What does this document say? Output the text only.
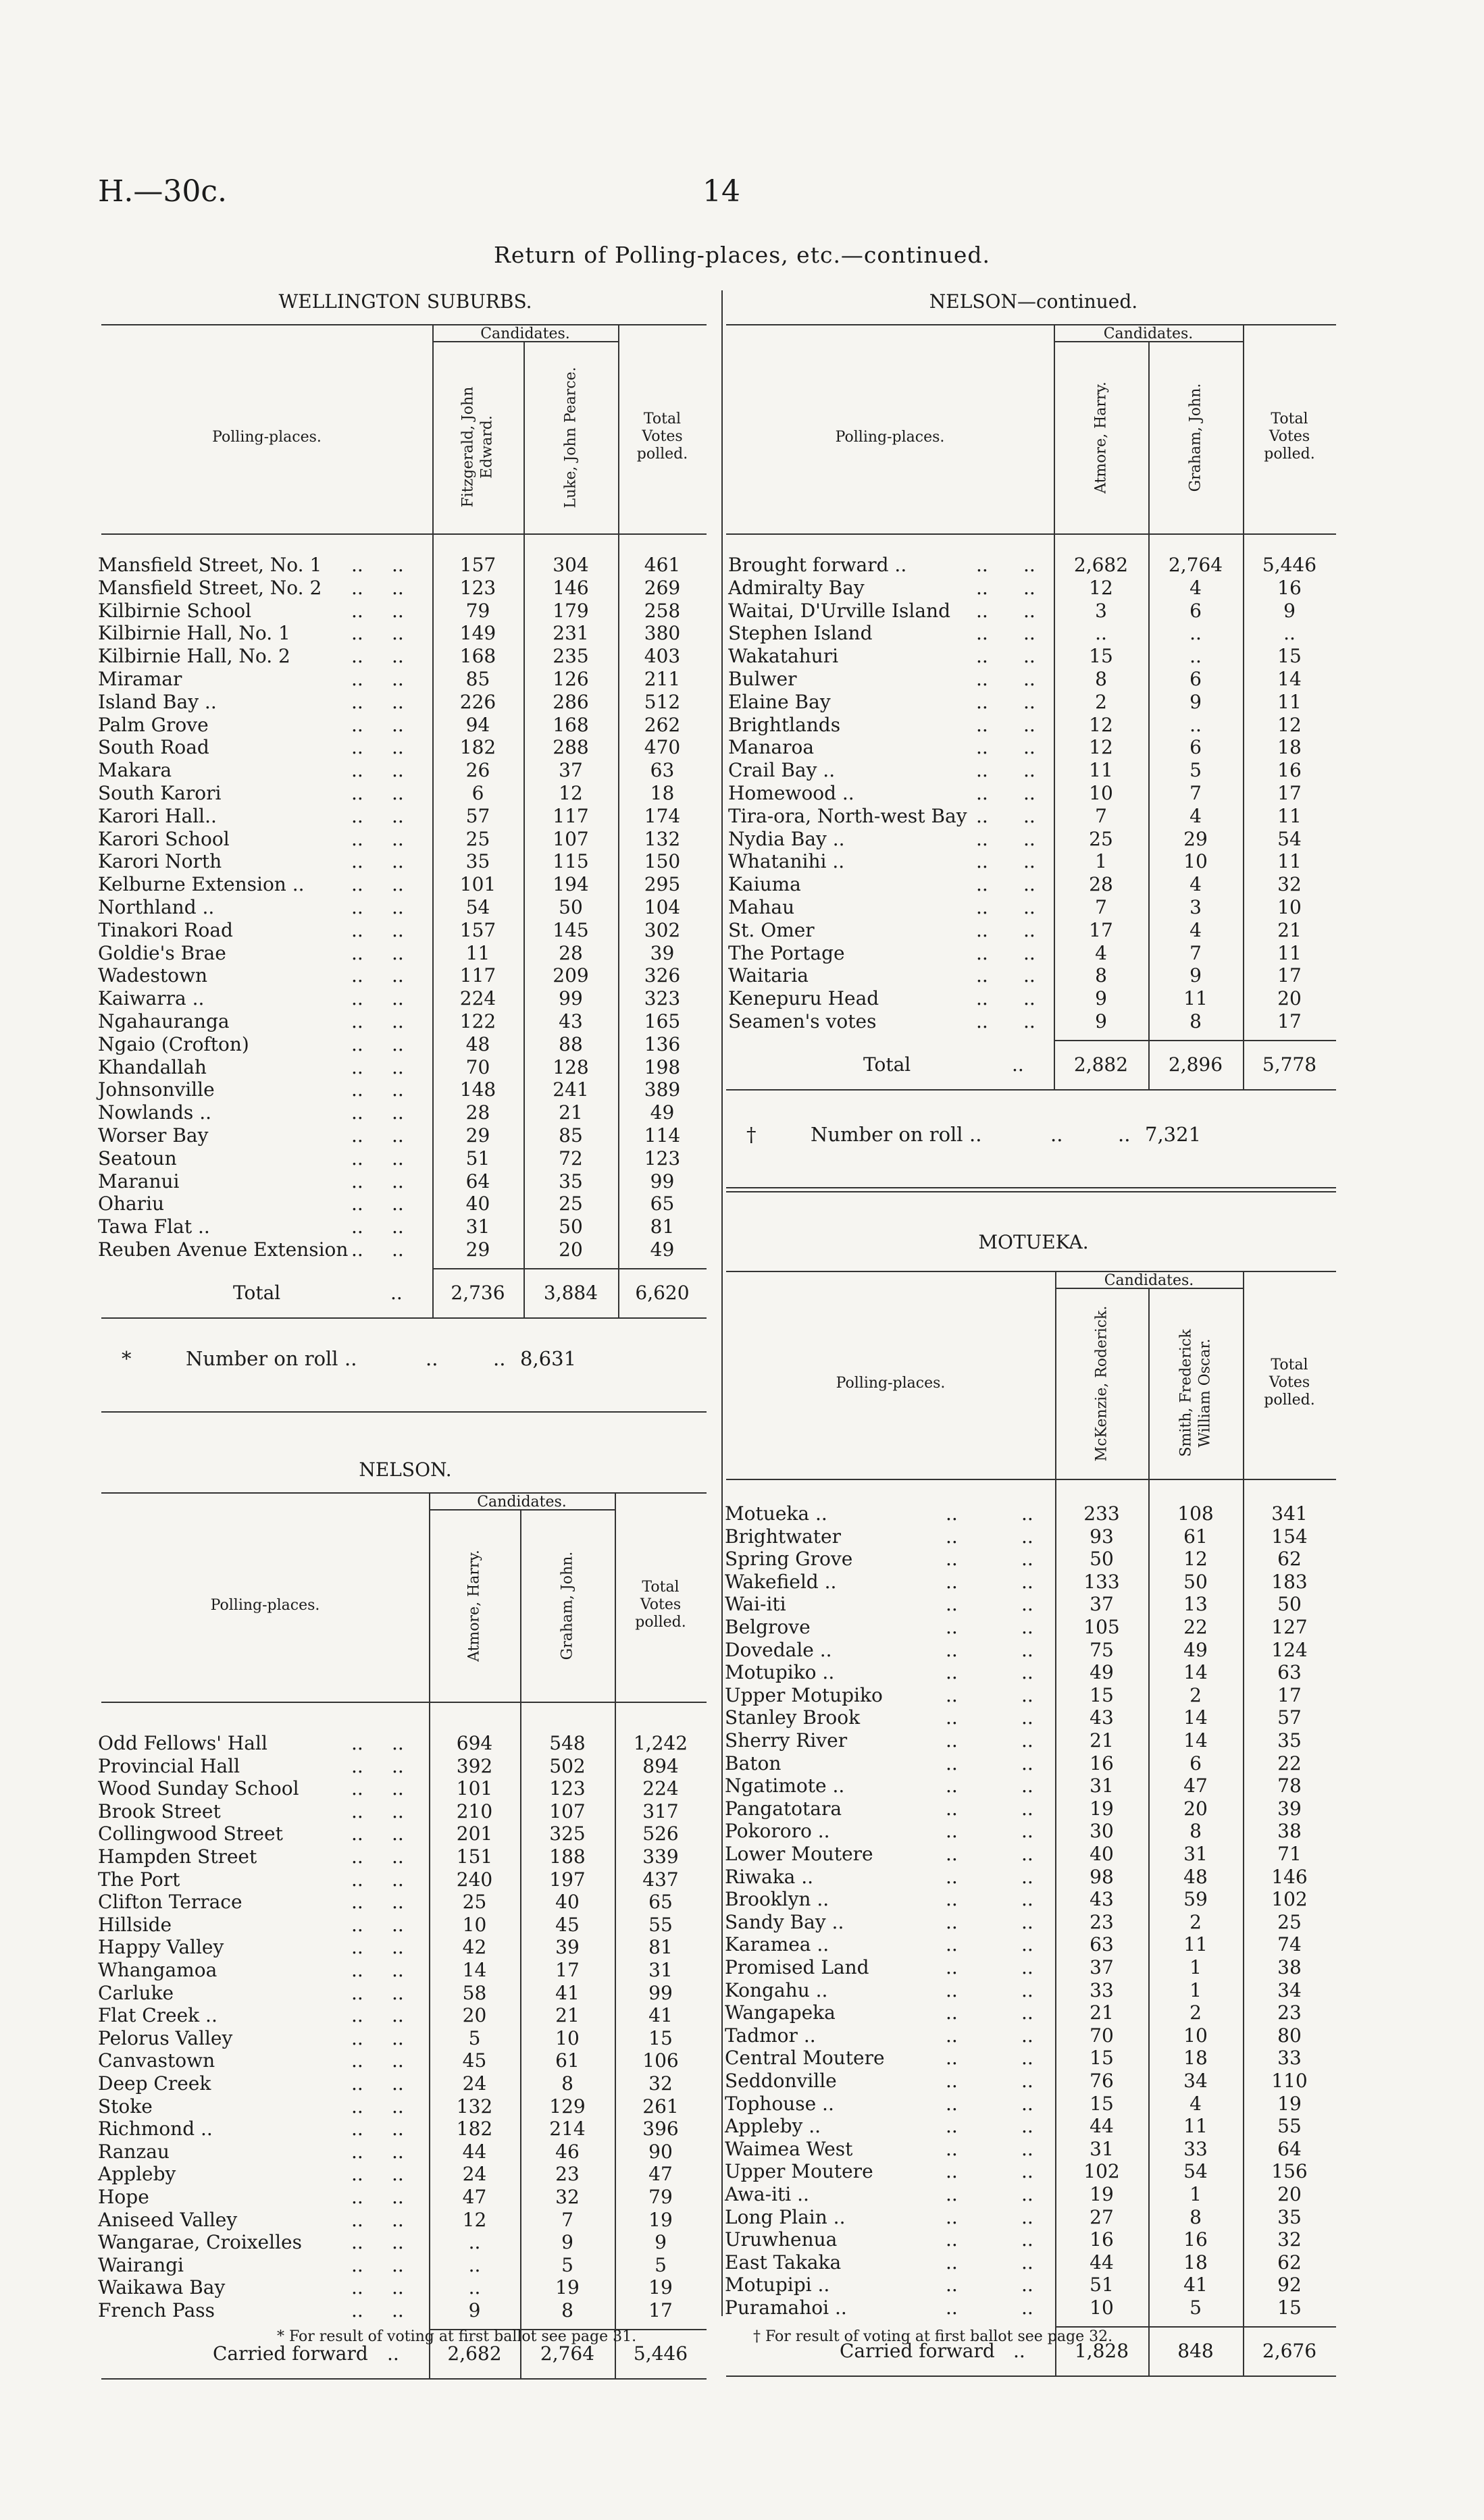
H.—30c.	14
Return of Polling-places, etc.—continued.
WELLINGTON SUBURBS.
Candidates.
Polling-places.
Total Votes polled.
Fitzgerald, John Edward.	Luke, John Pearce.
Mansfield Street, No. 1 .. ..	157	304	461
Mansfield Street, No. 2 .. ..	123	146	269
Kilbirnie School	.. ..	79	179	258
Kilbirnie Hall, No. 1	.. ..	149	231	380
Kilbirnie Hall, No. 2	.. ..	168	235	403
Miramar	.. ..	85	126	211
Island Bay ..	.. ..	226	286	512
Palm Grove	.. ..	94	168	262
South Road	.. ..	182	288	470
Makara	.. ..	26	37	63
South Karori	.. ..	6	12	18
Karori Hall..	.. ..	57	117	174
Karori School	.. ..	25	107	132
Karori North	.. ..	35	115	150
Kelburne Extension .. .. ..	101	194	295
Northland ..	.. ..	54	50	104
Tinakori Road	.. ..	157	145	302
Goldie's Brae	.. ..	11	28	39
Wadestown	.. ..	117	209	326
Kaiwarra ..	.. ..	224	99	323
Ngahauranga	.. ..	122	43	165
Ngaio (Crofton)	.. ..	48	88	136
Khandallah	.. ..	70	128	198
Johnsonville	.. ..	148	241	389
Nowlands ..	.. ..	28	21	49
Worser Bay	.. ..	29	85	114
Seatoun	.. ..	51	72	123
Maranui	.. ..	64	35	99
Ohariu	.. ..	40	25	65
Tawa Flat ..	.. ..	31	50	81
Reuben Avenue Extension .. ..	29	20	49
Total	..	2,736	3,884	6,620
*	Number on roll ..	..	.. 8,631
NELSON.
Candidates.
Polling-places.
Total Votes polled.
Atmore, Harry.	Graham, John.
Odd Fellows' Hall	.. ..	694	548	1,242
Provincial Hall	.. ..	392	502	894
Wood Sunday School	.. ..	101	123	224
Brook Street	.. ..	210	107	317
Collingwood Street	.. ..	201	325	526
Hampden Street	.. ..	151	188	339
The Port	.. ..	240	197	437
Clifton Terrace	.. ..	25	40	65
Hillside	.. ..	10	45	55
Happy Valley	.. ..	42	39	81
Whangamoa	.. ..	14	17	31
Carluke	.. ..	58	41	99
Flat Creek ..	.. ..	20	21	41
Pelorus Valley	.. ..	5	10	15
Canvastown	.. ..	45	61	106
Deep Creek	.. ..	24	8	32
Stoke	.. ..	132	129	261
Richmond ..	.. ..	182	214	396
Ranzau	.. ..	44	46	90
Appleby	.. ..	24	23	47
Hope	.. ..	47	32	79
Aniseed Valley	.. ..	12	7	19
Wangarae, Croixelles	.. ..	..	9	9
Wairangi	.. ..	..	5	5
Waikawa Bay	.. ..	..	19	19
French Pass	.. ..	9	8	17
Carried forward ..	2,682	2,764	5,446
NELSON—continued.
Candidates.
Polling-places.
Total Votes polled.
Atmore, Harry.	Graham, John.
Brought forward ..	.. ..	2,682	2,764	5,446
Admiralty Bay	.. ..	12	4	16
Waitai, D'Urville Island .. ..	3	6	9
Stephen Island	.. ..	..	..	..
Wakatahuri	.. ..	15	..	15
Bulwer	.. ..	8	6	14
Elaine Bay	.. ..	2	9	11
Brightlands	.. ..	12	..	12
Manaroa	.. ..	12	6	18
Crail Bay ..	.. ..	11	5	16
Homewood ..	.. ..	10	7	17
Tira-ora, North-west Bay .. ..	7	4	11
Nydia Bay ..	.. ..	25	29	54
Whatanihi ..	.. ..	1	10	11
Kaiuma	.. ..	28	4	32
Mahau	.. ..	7	3	10
St. Omer	.. ..	17	4	21
The Portage	.. ..	4	7	11
Waitaria	.. ..	8	9	17
Kenepuru Head	.. ..	9	11	20
Seamen's votes	.. ..	9	8	17
Total	..	2,882	2,896	5,778
†	Number on roll ..	..	.. 7,321
MOTUEKA.
Candidates.
Polling-places.
Total Votes polled.
McKenzie, Roderick.	Smith, Frederick William Oscar.
Motueka ..	..	..	233	108	341
Brightwater	..	..	93	61	154
Spring Grove	..	..	50	12	62
Wakefield ..	..	..	133	50	183
Wai-iti	..	..	37	13	50
Belgrove	..	..	105	22	127
Dovedale ..	..	..	75	49	124
Motupiko ..	..	..	49	14	63
Upper Motupiko	..	..	15	2	17
Stanley Brook	..	..	43	14	57
Sherry River	..	..	21	14	35
Baton	..	..	16	6	22
Ngatimote ..	..	..	31	47	78
Pangatotara	..	..	19	20	39
Pokororo ..	..	..	30	8	38
Lower Moutere	..	..	40	31	71
Riwaka ..	..	..	98	48	146
Brooklyn ..	..	..	43	59	102
Sandy Bay ..	..	..	23	2	25
Karamea ..	..	..	63	11	74
Promised Land	..	..	37	1	38
Kongahu ..	..	..	33	1	34
Wangapeka	..	..	21	2	23
Tadmor ..	..	..	70	10	80
Central Moutere	..	..	15	18	33
Seddonville	..	..	76	34	110
Tophouse ..	..	..	15	4	19
Appleby ..	..	..	44	11	55
Waimea West	..	..	31	33	64
Upper Moutere	..	..	102	54	156
Awa-iti ..	..	..	19	1	20
Long Plain ..	..	..	27	8	35
Uruwhenua	..	..	16	16	32
East Takaka	..	..	44	18	62
Motupipi ..	..	..	51	41	92
Puramahoi ..	..	..	10	5	15
Carried forward ..	1,828	848	2,676
* For result of voting at first ballot see page 31.	† For result of voting at first ballot see page 32.
